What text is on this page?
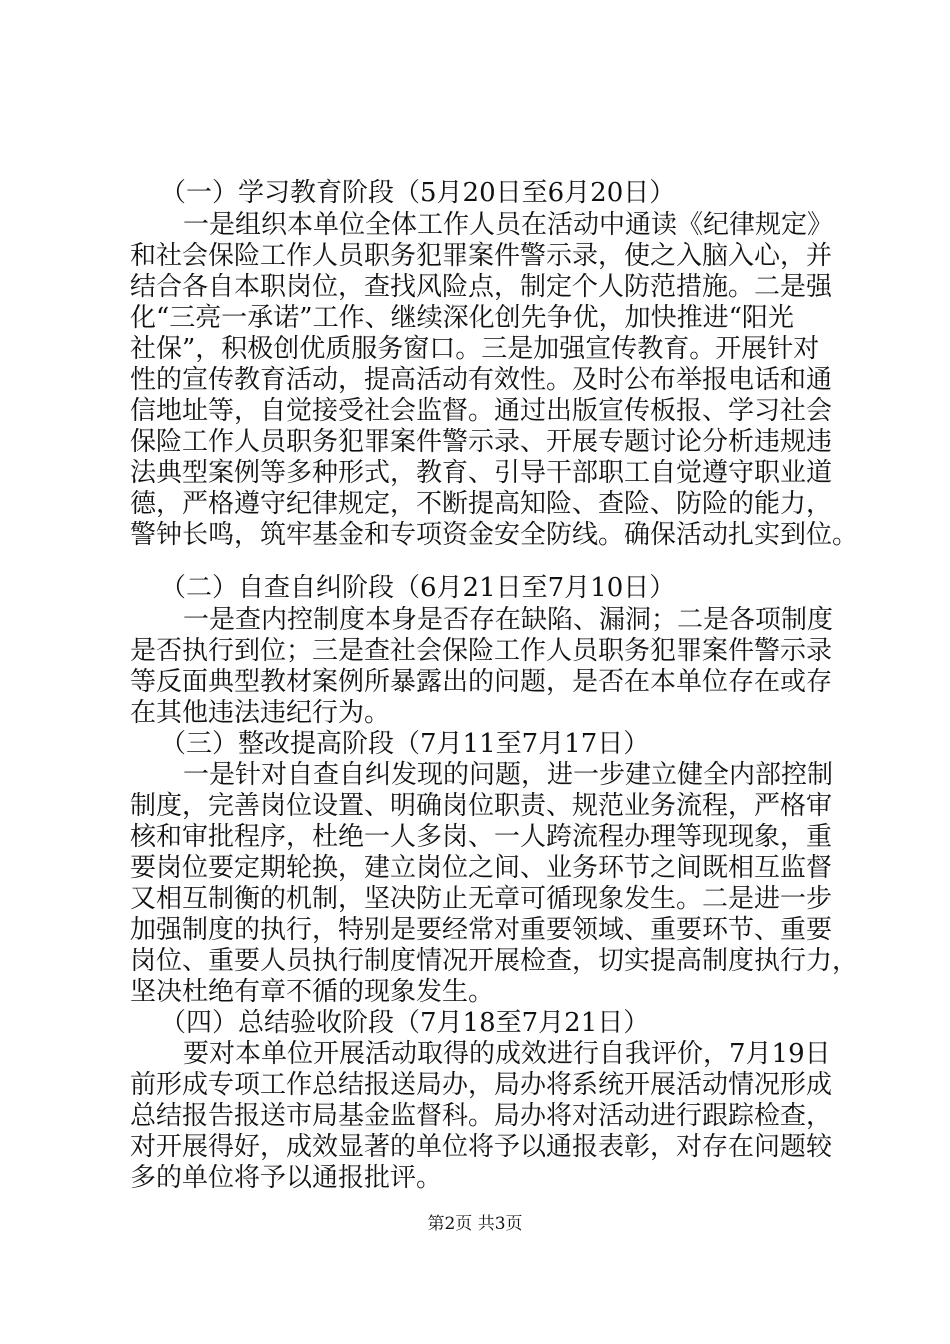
（一）学习教育阶段（5月20日至6月20日）
一是组织本单位全体工作人员在活动中通读《纪律规定》
和社会保险工作人员职务犯罪案件警示录，使之入脑入心，并
结合各自本职岗位，查找风险点，制定个人防范措施。二是强
化“三亮一承诺”工作、继续深化创先争优，加快推进“阳光
社保”，积极创优质服务窗口。三是加强宣传教育。开展针对
性的宣传教育活动，提高活动有效性。及时公布举报电话和通
信地址等，自觉接受社会监督。通过出版宣传板报、学习社会
保险工作人员职务犯罪案件警示录、开展专题讨论分析违规违
法典型案例等多种形式，教育、引导干部职工自觉遵守职业道
德，严格遵守纪律规定，不断提高知险、查险、防险的能力，
警钟长鸣，筑牢基金和专项资金安全防线。确保活动扎实到位。
（二）自查自纠阶段（6月21日至7月10日）
一是查内控制度本身是否存在缺陷、漏洞；二是各项制度
是否执行到位；三是查社会保险工作人员职务犯罪案件警示录
等反面典型教材案例所暴露出的问题，是否在本单位存在或存
在其他违法违纪行为。
（三）整改提高阶段（7月11至7月17日）
一是针对自查自纠发现的问题，进一步建立健全内部控制
制度，完善岗位设置、明确岗位职责、规范业务流程，严格审
核和审批程序，杜绝一人多岗、一人跨流程办理等现现象，重
要岗位要定期轮换，建立岗位之间、业务环节之间既相互监督
又相互制衡的机制，坚决防止无章可循现象发生。二是进一步
加强制度的执行，特别是要经常对重要领域、重要环节、重要
岗位、重要人员执行制度情况开展检查，切实提高制度执行力，
坚决杜绝有章不循的现象发生。
（四）总结验收阶段（7月18至7月21日）
要对本单位开展活动取得的成效进行自我评价，7月19日
前形成专项工作总结报送局办，局办将系统开展活动情况形成
总结报告报送市局基金监督科。局办将对活动进行跟踪检查，
对开展得好，成效显著的单位将予以通报表彰，对存在问题较
多的单位将予以通报批评。
第2页 共3页
